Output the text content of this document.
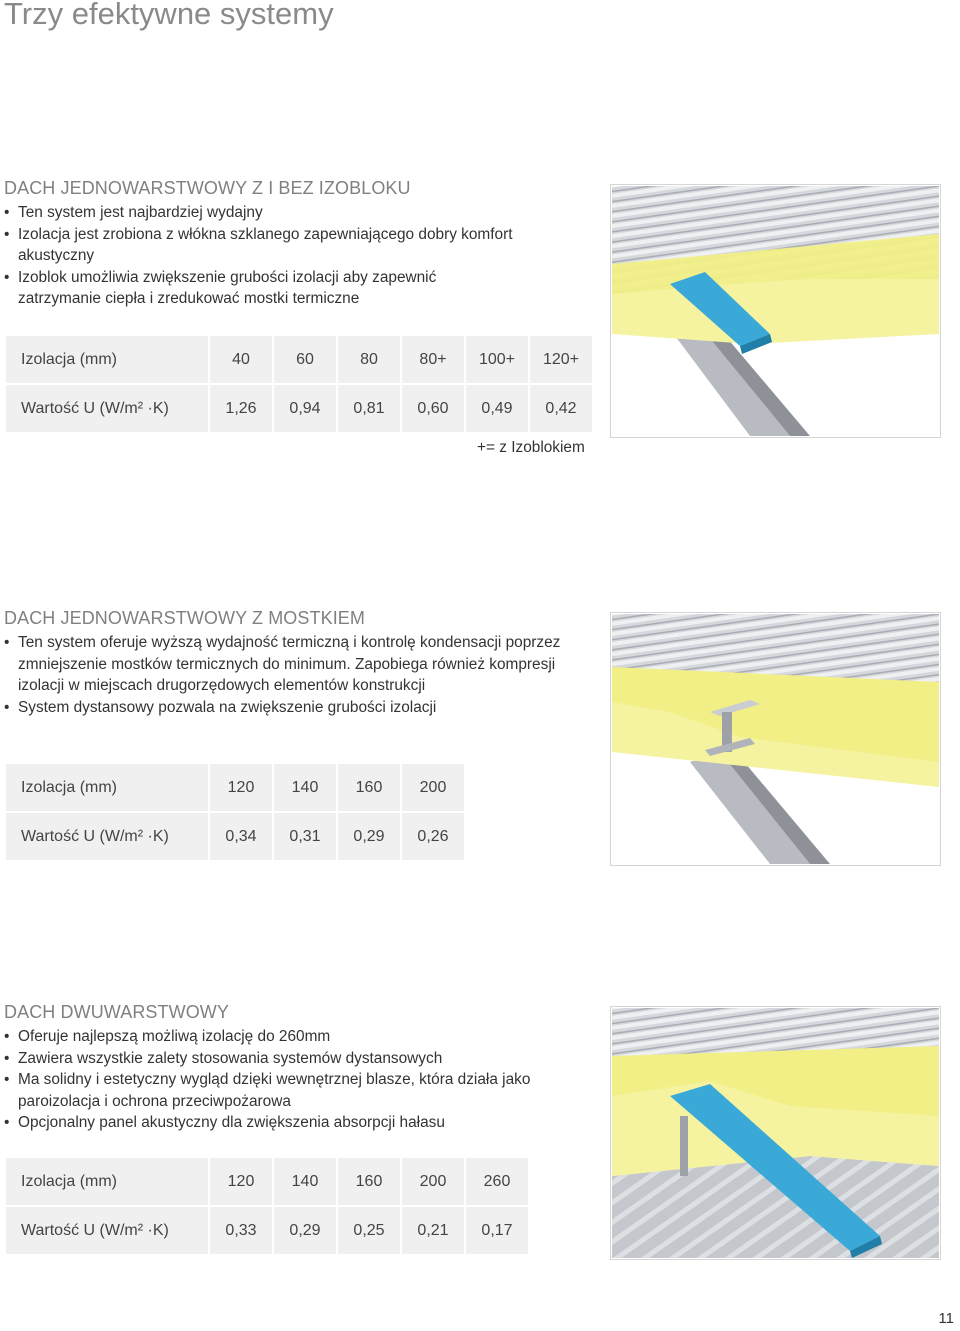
Trzy efektywne systemy
DACH JEDNOWARSTWOWY Z I BEZ IZOBLOKU
• Ten system jest najbardziej wydajny
• Izolacja jest zrobiona z włókna szklanego zapewniającego dobry komfort akustyczny
• Izoblok umożliwia zwiększenie grubości izolacji aby zapewnić zatrzymanie ciepła i zredukować mostki termiczne
Izolacja (mm)	40	60	80	80+	100+	120+
Wartość U (W/m² ·K)	1,26	0,94	0,81	0,60	0,49	0,42
+= z Izoblokiem
DACH JEDNOWARSTWOWY Z MOSTKIEM
• Ten system oferuje wyższą wydajność termiczną i kontrolę kondensacji poprzez zmniejszenie mostków termicznych do minimum. Zapobiega również kompresji izolacji w miejscach drugorzędowych elementów konstrukcji
• System dystansowy pozwala na zwiększenie grubości izolacji
Izolacja (mm)	120	140	160	200
Wartość U (W/m² ·K)	0,34	0,31	0,29	0,26
DACH DWUWARSTWOWY
• Oferuje najlepszą możliwą izolację do 260mm
• Zawiera wszystkie zalety stosowania systemów dystansowych
• Ma solidny i estetyczny wygląd dzięki wewnętrznej blasze, która działa jako paroizolacja i ochrona przeciwpożarowa
• Opcjonalny panel akustyczny dla zwiększenia absorpcji hałasu
Izolacja (mm)	120	140	160	200	260
Wartość U (W/m² ·K)	0,33	0,29	0,25	0,21	0,17
11
